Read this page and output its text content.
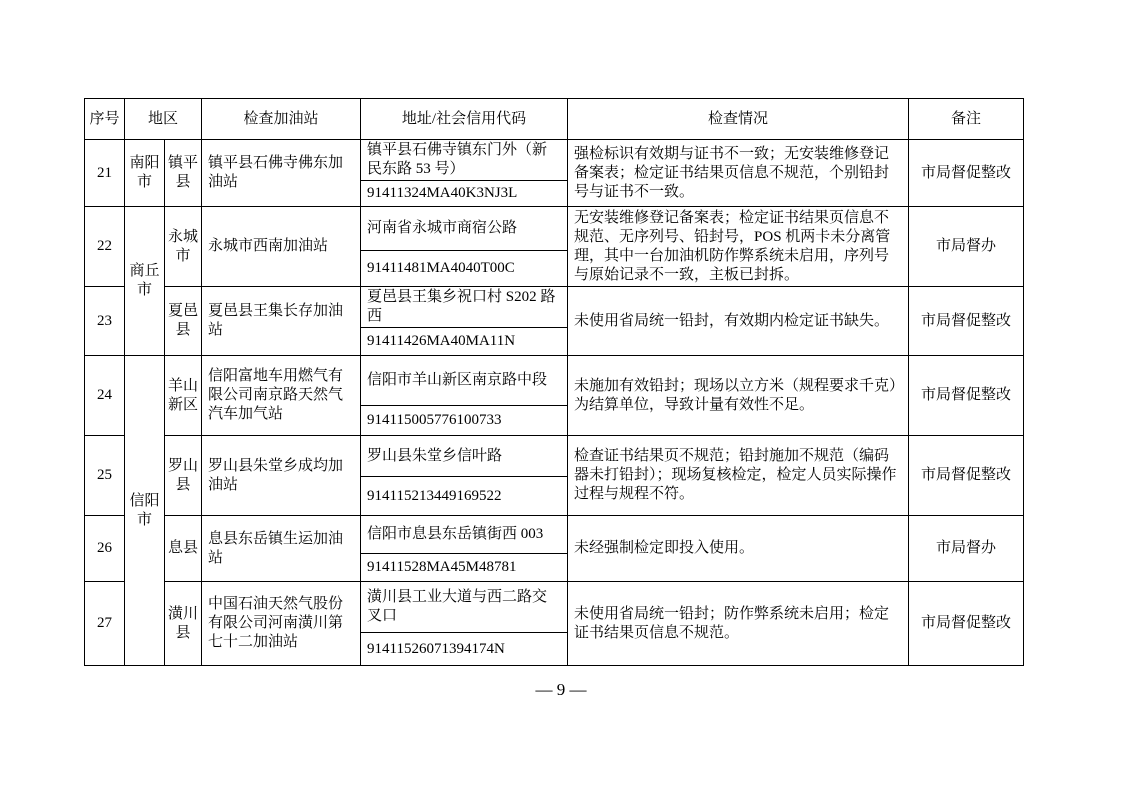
序号	地区		检查加油站	地址/社会信用代码	检查情况	备注
21	南阳市	镇平县	镇平县石佛寺佛东加油站	镇平县石佛寺镇东门外（新民东路 53 号）	强检标识有效期与证书不一致；无安装维修登记备案表；检定证书结果页信息不规范，个别铅封号与证书不一致。	市局督促整改
				91411324MA40K3NJ3L		
22	商丘市	永城市	永城市西南加油站	河南省永城市商宿公路	无安装维修登记备案表；检定证书结果页信息不规范、无序列号、铅封号，POS 机两卡未分离管理，其中一台加油机防作弊系统未启用，序列号与原始记录不一致，主板已封拆。	市局督办
				91411481MA4040T00C		
23		夏邑县	夏邑县王集长存加油站	夏邑县王集乡祝口村 S202 路西	未使用省局统一铅封，有效期内检定证书缺失。	市局督促整改
				91411426MA40MA11N		
24	信阳市	羊山新区	信阳富地车用燃气有限公司南京路天然气汽车加气站	信阳市羊山新区南京路中段	未施加有效铅封；现场以立方米（规程要求千克）为结算单位，导致计量有效性不足。	市局督促整改
				914115005776100733		
25		罗山县	罗山县朱堂乡成均加油站	罗山县朱堂乡信叶路	检查证书结果页不规范；铅封施加不规范（编码器未打铅封）；现场复核检定，检定人员实际操作过程与规程不符。	市局督促整改
				914115213449169522		
26		息县	息县东岳镇生运加油站	信阳市息县东岳镇街西 003	未经强制检定即投入使用。	市局督办
				91411528MA45M48781		
27		潢川县	中国石油天然气股份有限公司河南潢川第七十二加油站	潢川县工业大道与西二路交叉口	未使用省局统一铅封；防作弊系统未启用；检定证书结果页信息不规范。	市局督促整改
				91411526071394174N		
— 9 —
